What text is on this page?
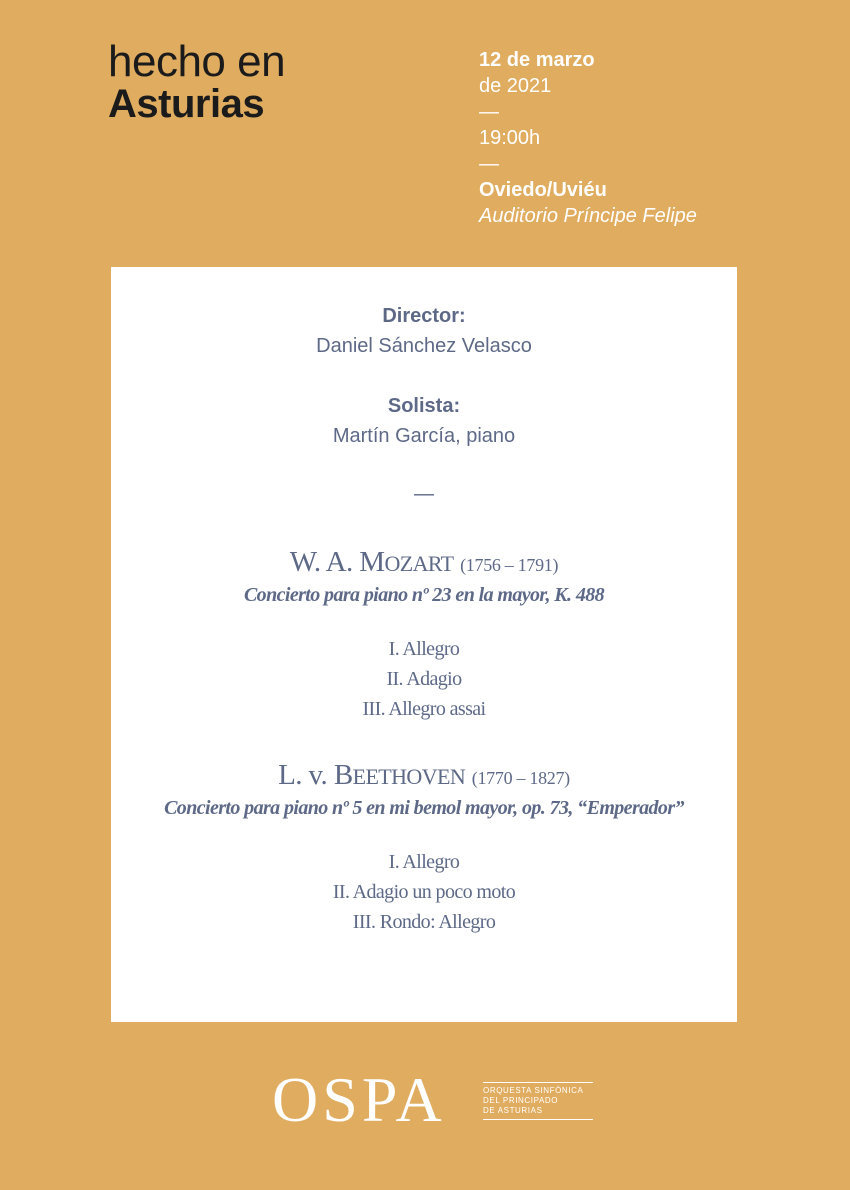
hecho en
Asturias
12 de marzo
de 2021
—
19:00h
—
Oviedo/Uviéu
Auditorio Príncipe Felipe
Director:
Daniel Sánchez Velasco
Solista:
Martín García, piano
—
W. A. MOZART (1756 – 1791)
Concierto para piano nº 23 en la mayor, K. 488
I. Allegro
II. Adagio
III. Allegro assai
L. v. BEETHOVEN (1770 – 1827)
Concierto para piano nº 5 en mi bemol mayor, op. 73, “Emperador”
I. Allegro
II. Adagio un poco moto
III. Rondo: Allegro
OSPA	ORQUESTA SINFÓNICA
DEL PRINCIPADO
DE ASTURIAS
